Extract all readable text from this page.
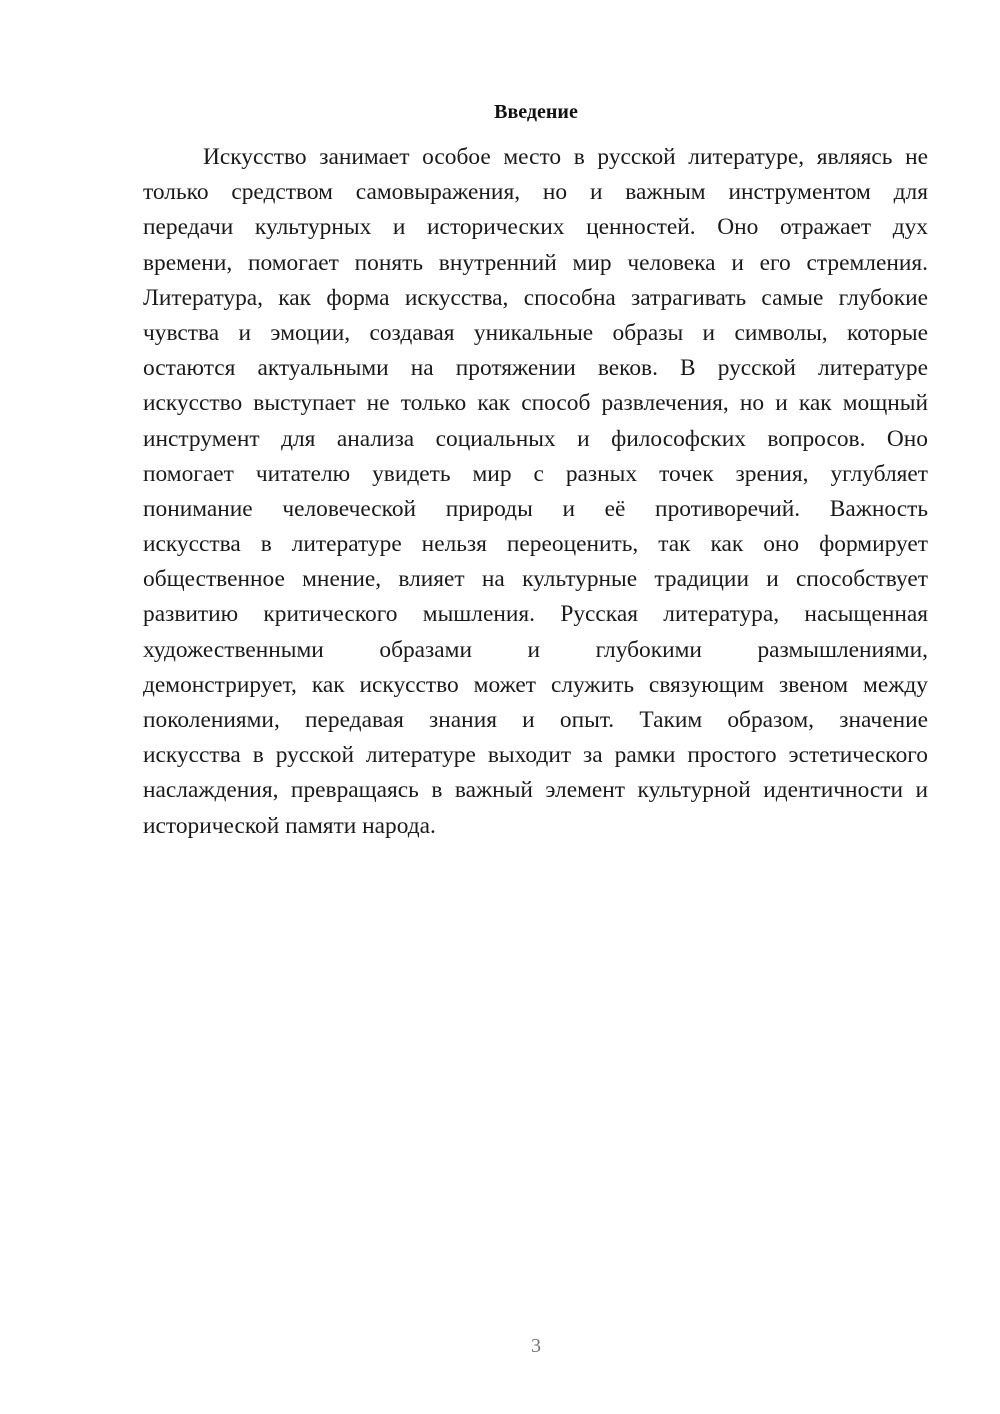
Введение
Искусство занимает особое место в русской литературе, являясь не
только средством самовыражения, но и важным инструментом для
передачи культурных и исторических ценностей. Оно отражает дух
времени, помогает понять внутренний мир человека и его стремления.
Литература, как форма искусства, способна затрагивать самые глубокие
чувства и эмоции, создавая уникальные образы и символы, которые
остаются актуальными на протяжении веков. В русской литературе
искусство выступает не только как способ развлечения, но и как мощный
инструмент для анализа социальных и философских вопросов. Оно
помогает читателю увидеть мир с разных точек зрения, углубляет
понимание человеческой природы и её противоречий. Важность
искусства в литературе нельзя переоценить, так как оно формирует
общественное мнение, влияет на культурные традиции и способствует
развитию критического мышления. Русская литература, насыщенная
художественными образами и глубокими размышлениями,
демонстрирует, как искусство может служить связующим звеном между
поколениями, передавая знания и опыт. Таким образом, значение
искусства в русской литературе выходит за рамки простого эстетического
наслаждения, превращаясь в важный элемент культурной идентичности и
исторической памяти народа.
3
